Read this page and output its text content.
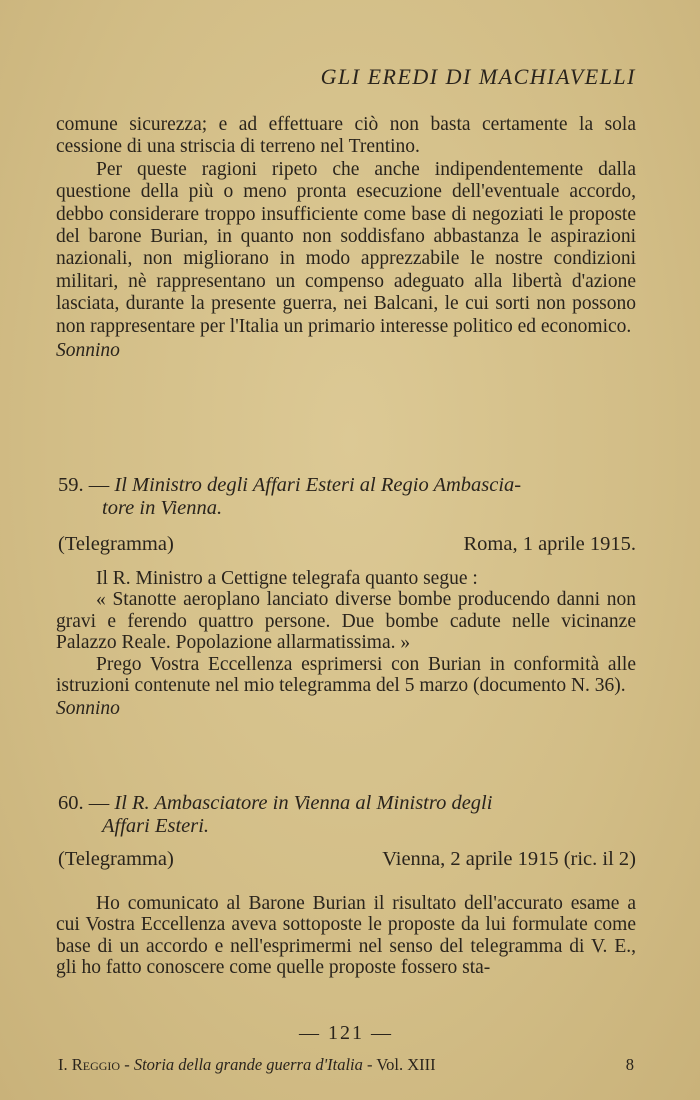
GLI EREDI DI MACHIAVELLI

comune sicurezza; e ad effettuare ciò non basta certamente la sola cessione di una striscia di terreno nel Trentino.

Per queste ragioni ripeto che anche indipendentemente dalla questione della più o meno pronta esecuzione dell'eventuale accordo, debbo considerare troppo insufficiente come base di negoziati le proposte del barone Burian, in quanto non soddisfano abbastanza le aspirazioni nazionali, non migliorano in modo apprezzabile le nostre condizioni militari, nè rappresentano un compenso adeguato alla libertà d'azione lasciata, durante la presente guerra, nei Balcani, le cui sorti non possono non rappresentare per l'Italia un primario interesse politico ed economico.

Sonnino

59. — Il Ministro degli Affari Esteri al Regio Ambascia-
tore in Vienna.
(Telegramma)	Roma, 1 aprile 1915.

Il R. Ministro a Cettigne telegrafa quanto segue :

« Stanotte aeroplano lanciato diverse bombe producendo danni non gravi e ferendo quattro persone. Due bombe cadute nelle vicinanze Palazzo Reale. Popolazione allarmatissima. »

Prego Vostra Eccellenza esprimersi con Burian in conformità alle istruzioni contenute nel mio telegramma del 5 marzo (documento N. 36).

Sonnino

60. — Il R. Ambasciatore in Vienna al Ministro degli
Affari Esteri.
(Telegramma)	Vienna, 2 aprile 1915 (ric. il 2)

Ho comunicato al Barone Burian il risultato dell'accurato esame a cui Vostra Eccellenza aveva sottoposte le proposte da lui formulate come base di un accordo e nell'esprimermi nel senso del telegramma di V. E., gli ho fatto conoscere come quelle proposte fossero sta-

— 121 —
I. Reggio - Storia della grande guerra d'Italia - Vol. XIII	8
